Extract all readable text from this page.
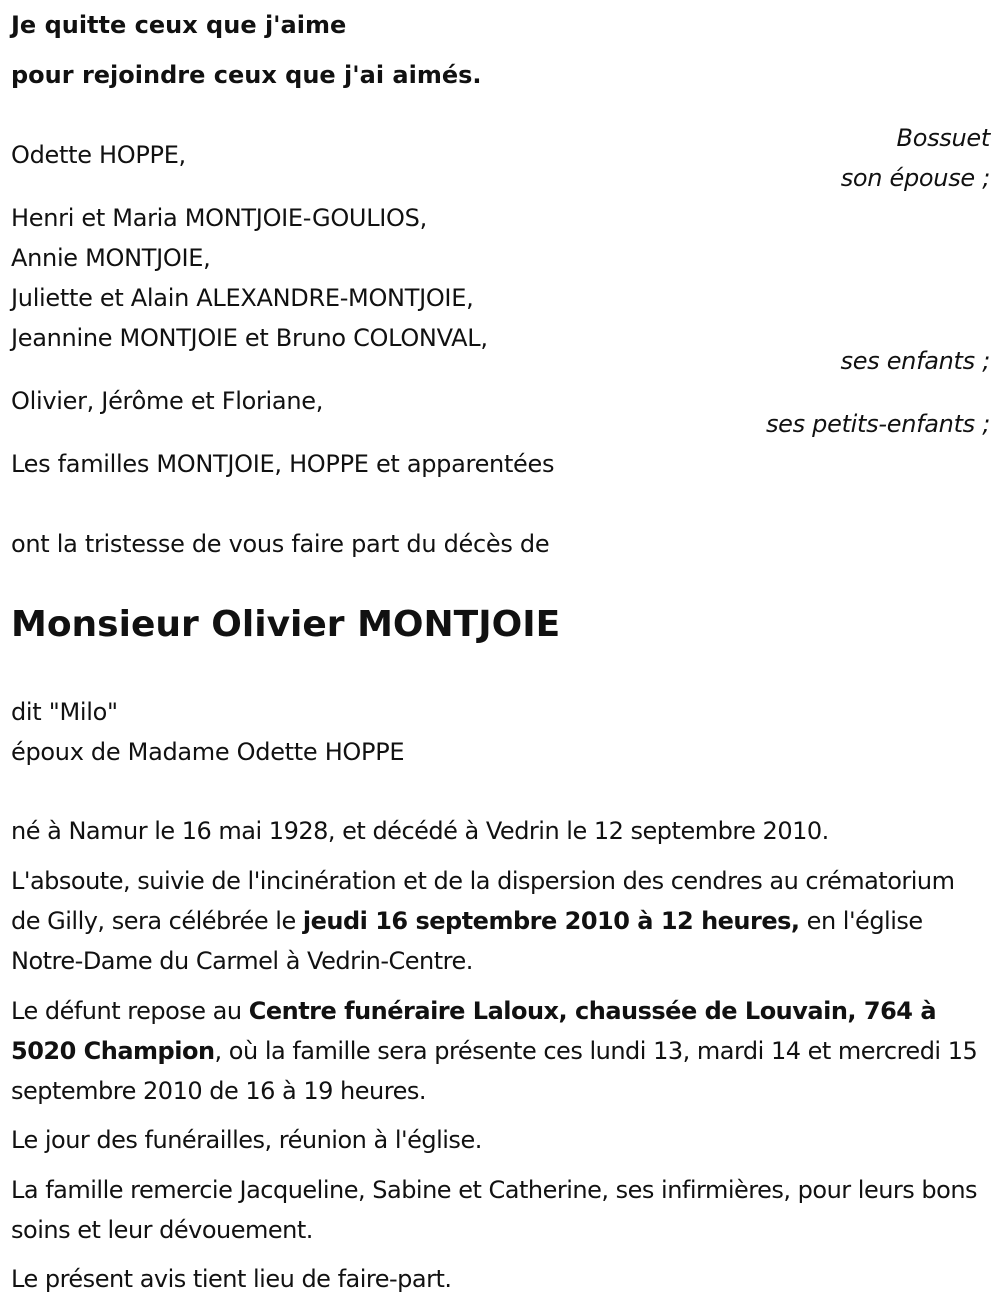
Je quitte ceux que j'aime
pour rejoindre ceux que j'ai aimés.
Odette HOPPE,
Bossuet
son épouse ;
Henri et Maria MONTJOIE-GOULIOS,
Annie MONTJOIE,
Juliette et Alain ALEXANDRE-MONTJOIE,
Jeannine MONTJOIE et Bruno COLONVAL,
ses enfants ;
Olivier, Jérôme et Floriane,
ses petits-enfants ;
Les familles MONTJOIE, HOPPE et apparentées
ont la tristesse de vous faire part du décès de
Monsieur Olivier MONTJOIE
dit "Milo"
époux de Madame Odette HOPPE
né à Namur le 16 mai 1928, et décédé à Vedrin le 12 septembre 2010.
L'absoute, suivie de l'incinération et de la dispersion des cendres au crématorium de Gilly, sera célébrée le jeudi 16 septembre 2010 à 12 heures, en l'église Notre-Dame du Carmel à Vedrin-Centre.
Le défunt repose au Centre funéraire Laloux, chaussée de Louvain, 764 à 5020 Champion, où la famille sera présente ces lundi 13, mardi 14 et mercredi 15 septembre 2010 de 16 à 19 heures.
Le jour des funérailles, réunion à l'église.
La famille remercie Jacqueline, Sabine et Catherine, ses infirmières, pour leurs bons soins et leur dévouement.
Le présent avis tient lieu de faire-part.
